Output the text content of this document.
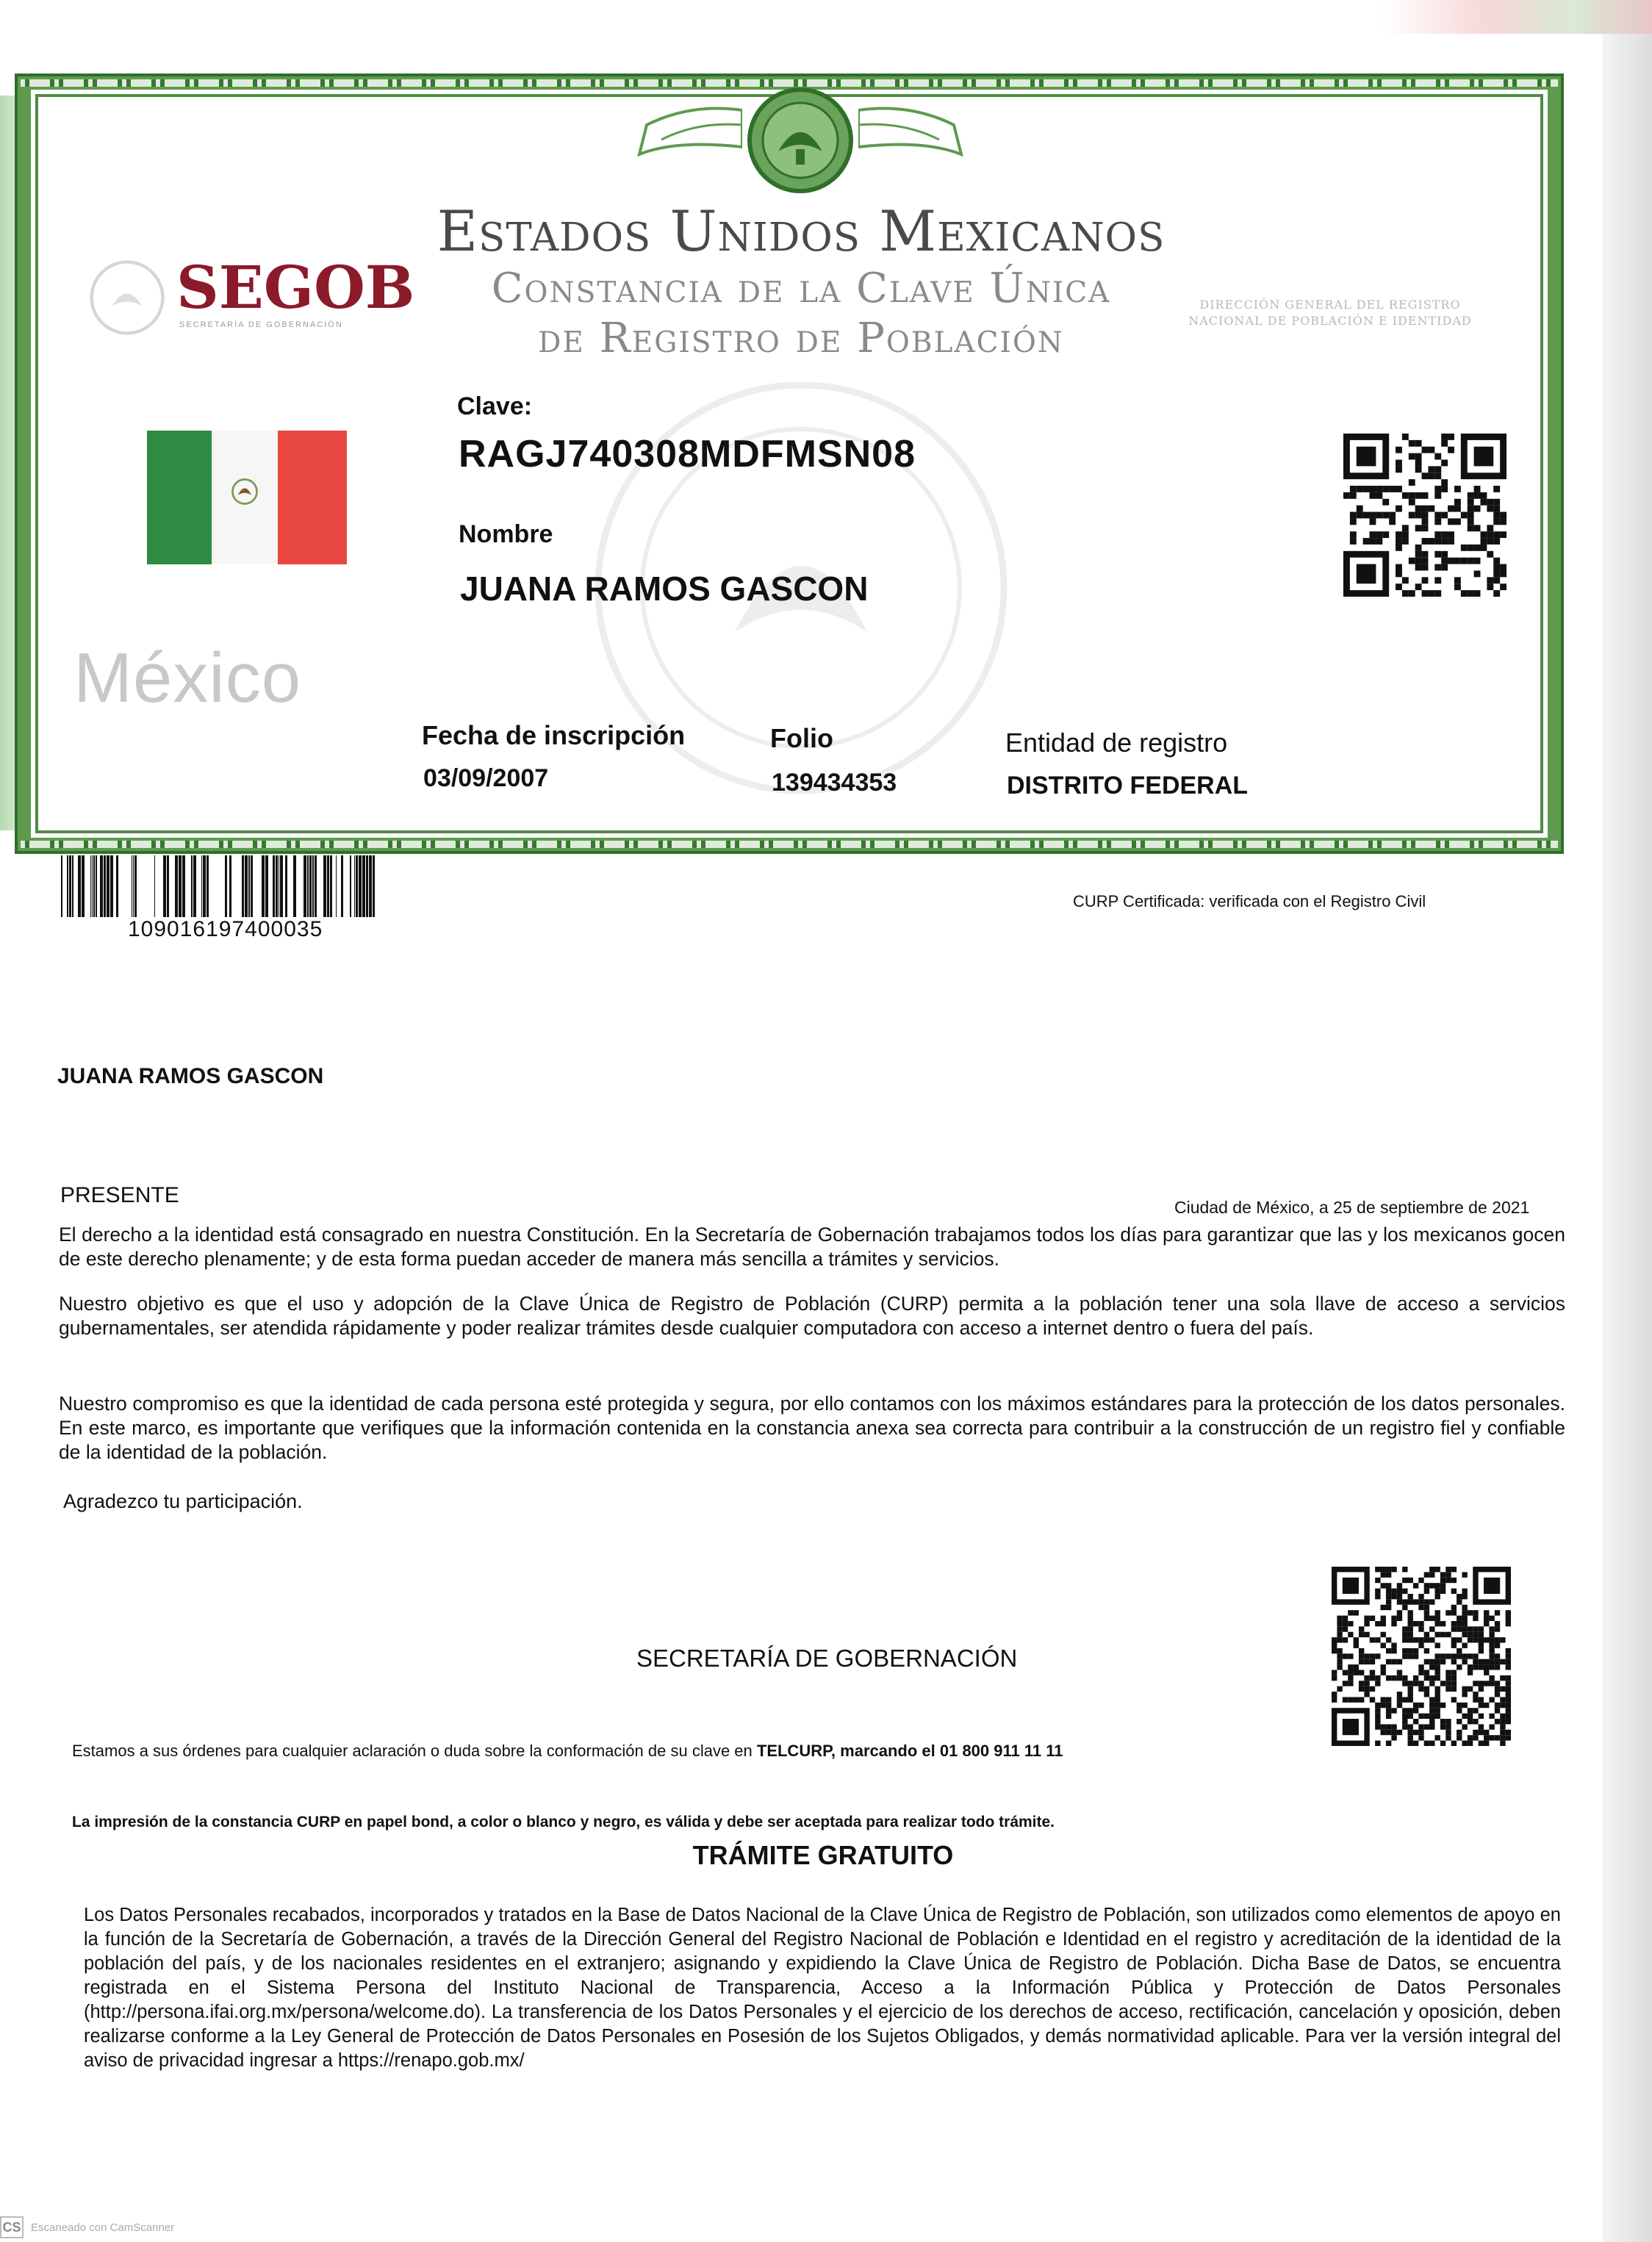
Estados Unidos Mexicanos
Constancia de la Clave Única
de Registro de Población
SEGOB
SECRETARÍA DE GOBERNACIÓN
DIRECCIÓN GENERAL DEL REGISTRO NACIONAL DE POBLACIÓN E IDENTIDAD
México
Clave:
RAGJ740308MDFMSN08
Nombre
JUANA RAMOS GASCON
Fecha de inscripción
03/09/2007
Folio
139434353
Entidad de registro
DISTRITO FEDERAL
10901619740003​5
CURP Certificada: verificada con el Registro Civil
JUANA RAMOS GASCON
PRESENTE	Ciudad de México, a 25 de septiembre de 2021
El derecho a la identidad está consagrado en nuestra Constitución. En la Secretaría de Gobernación trabajamos todos los días para garantizar que las y los mexicanos gocen de este derecho plenamente; y de esta forma puedan acceder de manera más sencilla a trámites y servicios.
Nuestro objetivo es que el uso y adopción de la Clave Única de Registro de Población (CURP) permita a la población tener una sola llave de acceso a servicios gubernamentales, ser atendida rápidamente y poder realizar trámites desde cualquier computadora con acceso a internet dentro o fuera del país.
Nuestro compromiso es que la identidad de cada persona esté protegida y segura, por ello contamos con los máximos estándares para la protección de los datos personales. En este marco, es importante que verifiques que la información contenida en la constancia anexa sea correcta para contribuir a la construcción de un registro fiel y confiable de la identidad de la población.
Agradezco tu participación.
SECRETARÍA DE GOBERNACIÓN
Estamos a sus órdenes para cualquier aclaración o duda sobre la conformación de su clave en TELCURP, marcando el 01 800 911 11 11
La impresión de la constancia CURP en papel bond, a color o blanco y negro, es válida y debe ser aceptada para realizar todo trámite.
TRÁMITE GRATUITO
Los Datos Personales recabados, incorporados y tratados en la Base de Datos Nacional de la Clave Única de Registro de Población, son utilizados como elementos de apoyo en la función de la Secretaría de Gobernación, a través de la Dirección General del Registro Nacional de Población e Identidad en el registro y acreditación de la identidad de la población del país, y de los nacionales residentes en el extranjero; asignando y expidiendo la Clave Única de Registro de Población. Dicha Base de Datos, se encuentra registrada en el Sistema Persona del Instituto Nacional de Transparencia, Acceso a la Información Pública y Protección de Datos Personales (http://persona.ifai.org.mx/persona/welcome.do). La transferencia de los Datos Personales y el ejercicio de los derechos de acceso, rectificación, cancelación y oposición, deben realizarse conforme a la Ley General de Protección de Datos Personales en Posesión de los Sujetos Obligados, y demás normatividad aplicable. Para ver la versión integral del aviso de privacidad ingresar a https://renapo.gob.mx/
CS Escaneado con CamScanner
